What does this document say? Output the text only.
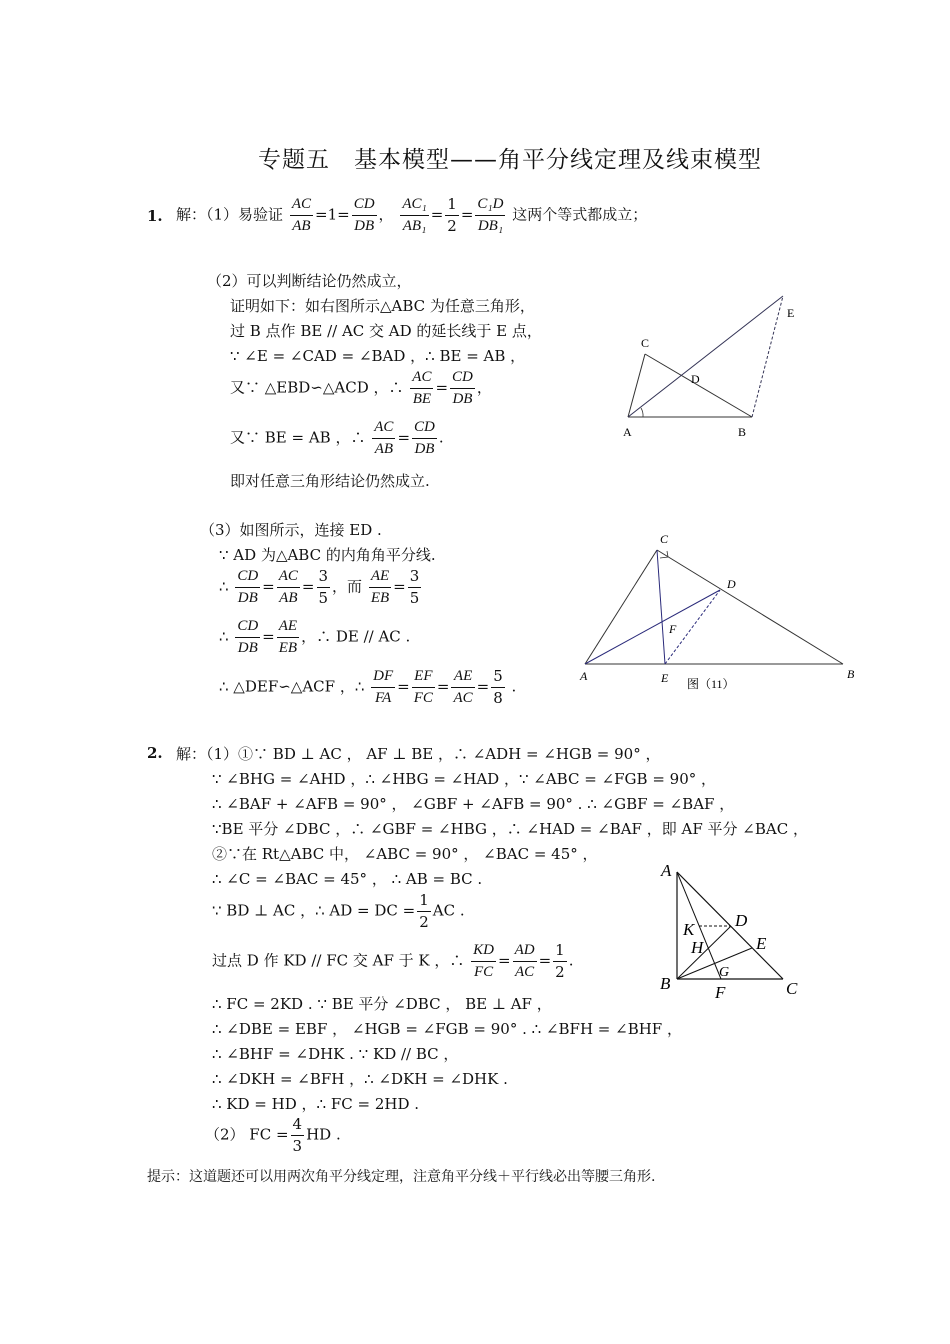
专题五　基本模型——角平分线定理及线束模型
1. 解：（1）易验证 $\frac{AC}{AB} =1= \frac{CD}{DB}$ ， $\frac{\text{AC₁}}{\text{AB₁}} = \frac{1}{2} = \frac{\text{C₁D}}{\text{DB₁}}$ 这两个等式都成立；
（2）可以判断结论仍然成立，
证明如下：如右图所示△ABC 为任意三角形，
过 B 点作 BE // AC 交 AD 的延长线于 E 点，
∵ ∠E = ∠CAD = ∠BAD ，∴ BE = AB ，
又∵ △EBD∽△ACD ，∴ $\frac{AC}{BE} = \frac{CD}{DB}$ ，
又∵ BE = AB ，∴ $\frac{AC}{AB} = \frac{CD}{DB}$ .
即对任意三角形结论仍然成立.
C
D
A	B
E
（3）如图所示，连接 ED .
∵ AD 为△ABC 的内角角平分线.
∴ $\frac{CD}{DB} = \frac{AC}{AB} = \frac{3}{5}$ ，而 $\frac{AE}{EB} = \frac{3}{5}$
∴ $\frac{CD}{DB} = \frac{AE}{EB}$ ，∴ DE // AC .
∴ △DEF∽△ACF ，∴ $\frac{DF}{FA} = \frac{EF}{FC} = \frac{AE}{AC} = \frac{5}{8}$ .
C
D
F
A	E	B
图（11）
2. 解：（1）①∵ BD ⊥ AC ， AF ⊥ BE ，∴ ∠ADH = ∠HGB = 90° ，
∵ ∠BHG = ∠AHD ，∴ ∠HBG = ∠HAD ，∵ ∠ABC = ∠FGB = 90° ，
∴ ∠BAF + ∠AFB = 90° ， ∠GBF + ∠AFB = 90° . ∴ ∠GBF = ∠BAF ，
∵BE 平分 ∠DBC ，∴ ∠GBF = ∠HBG ，∴ ∠HAD = ∠BAF ，即 AF 平分 ∠BAC ，
②∵在 Rt△ABC 中， ∠ABC = 90° ， ∠BAC = 45° ，
∴ ∠C = ∠BAC = 45° ， ∴ AB = BC .
∵ BD ⊥ AC ，∴ AD = DC = $\frac{1}{2}$ AC .
过点 D 作 KD // FC 交 AF 于 K ，∴ $\frac{KD}{FC} = \frac{AD}{AC} = \frac{1}{2}$ .
∴ FC = 2KD . ∵ BE 平分 ∠DBC ， BE ⊥ AF ，
∴ ∠DBE = EBF ， ∠HGB = ∠FGB = 90° . ∴ ∠BFH = ∠BHF ，
∴ ∠BHF = ∠DHK . ∵ KD // BC ，
∴ ∠DKH = ∠BFH ，∴ ∠DKH = ∠DHK .
∴ KD = HD ，∴ FC = 2HD .
（2） FC = $\frac{4}{3}$ HD .
提示：这道题还可以用两次角平分线定理，注意角平分线＋平行线必出等腰三角形.
A
D
K
H	E
G
B	F	C
